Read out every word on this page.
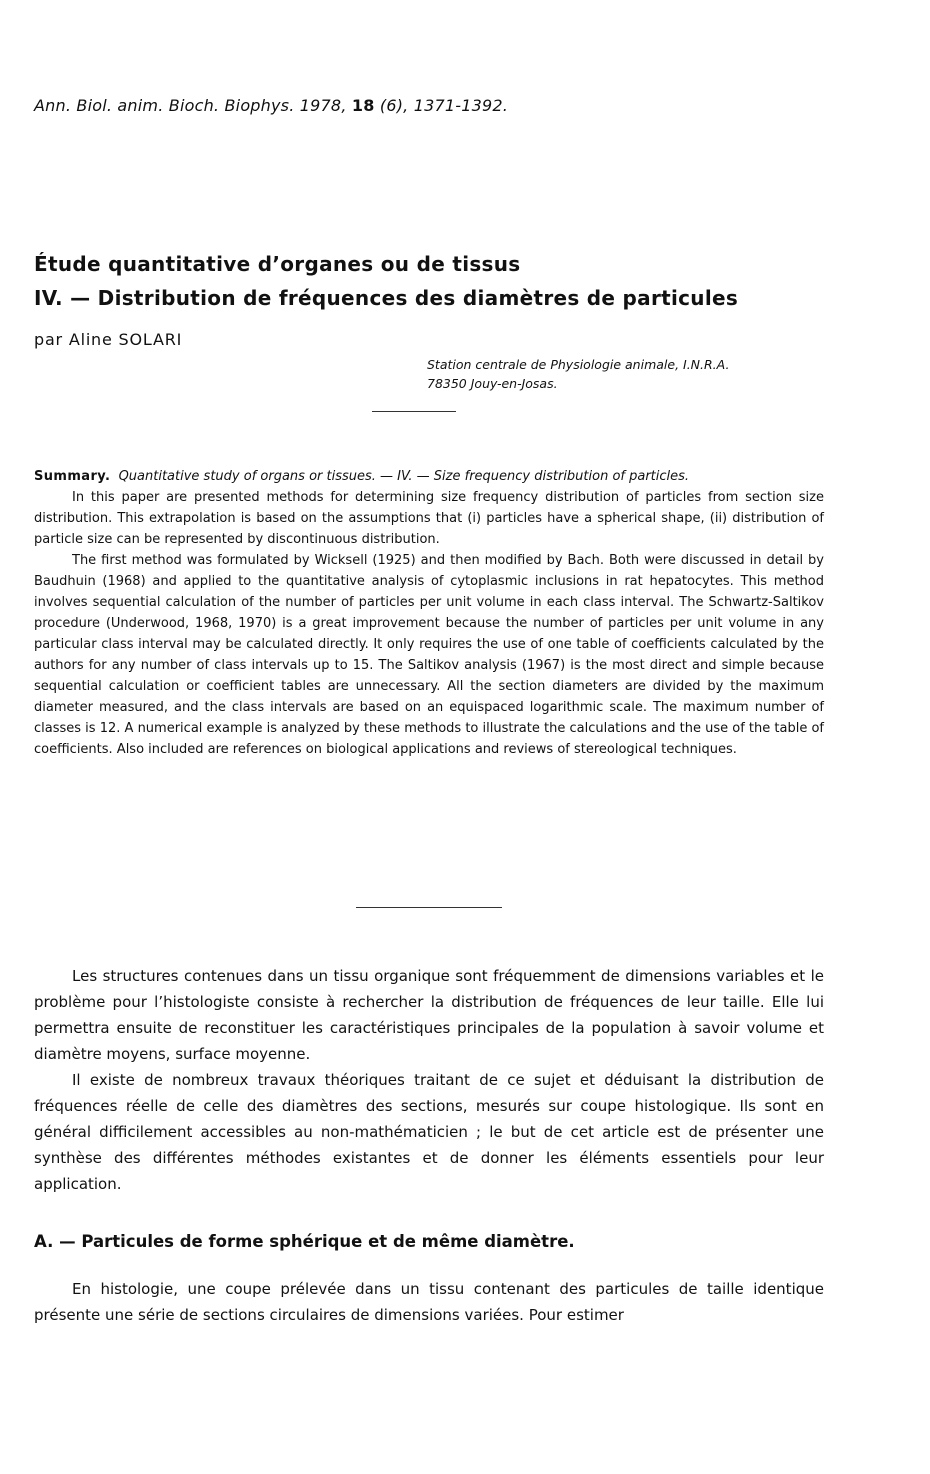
Ann. Biol. anim. Bioch. Biophys. 1978, 18 (6), 1371-1392.
Étude quantitative d’organes ou de tissus
IV. — Distribution de fréquences des diamètres de particules
par Aline SOLARI
Station centrale de Physiologie animale, I.N.R.A.
78350 Jouy-en-Josas.

Summary. Quantitative study of organs or tissues. — IV. — Size frequency distribution of particles.

In this paper are presented methods for determining size frequency distribution of particles from section size distribution. This extrapolation is based on the assumptions that (i) particles have a spherical shape, (ii) distribution of particle size can be represented by discontinuous distribution.

The first method was formulated by Wicksell (1925) and then modified by Bach. Both were discussed in detail by Baudhuin (1968) and applied to the quantitative analysis of cytoplasmic inclusions in rat hepatocytes. This method involves sequential calculation of the number of particles per unit volume in each class interval. The Schwartz-Saltikov procedure (Underwood, 1968, 1970) is a great improvement because the number of particles per unit volume in any particular class interval may be calculated directly. It only requires the use of one table of coefficients calculated by the authors for any number of class intervals up to 15. The Saltikov analysis (1967) is the most direct and simple because sequential calculation or coefficient tables are unnecessary. All the section diameters are divided by the maximum diameter measured, and the class intervals are based on an equispaced logarithmic scale. The maximum number of classes is 12. A numerical example is analyzed by these methods to illustrate the calculations and the use of the table of coefficients. Also included are references on biological applications and reviews of stereological techniques.

Les structures contenues dans un tissu organique sont fréquemment de dimensions variables et le problème pour l’histologiste consiste à rechercher la distribution de fréquences de leur taille. Elle lui permettra ensuite de reconstituer les caractéristiques principales de la population à savoir volume et diamètre moyens, surface moyenne.

Il existe de nombreux travaux théoriques traitant de ce sujet et déduisant la distribution de fréquences réelle de celle des diamètres des sections, mesurés sur coupe histologique. Ils sont en général difficilement accessibles au non-mathématicien ; le but de cet article est de présenter une synthèse des différentes méthodes existantes et de donner les éléments essentiels pour leur application.

A. — Particules de forme sphérique et de même diamètre.

En histologie, une coupe prélevée dans un tissu contenant des particules de taille identique présente une série de sections circulaires de dimensions variées. Pour estimer
